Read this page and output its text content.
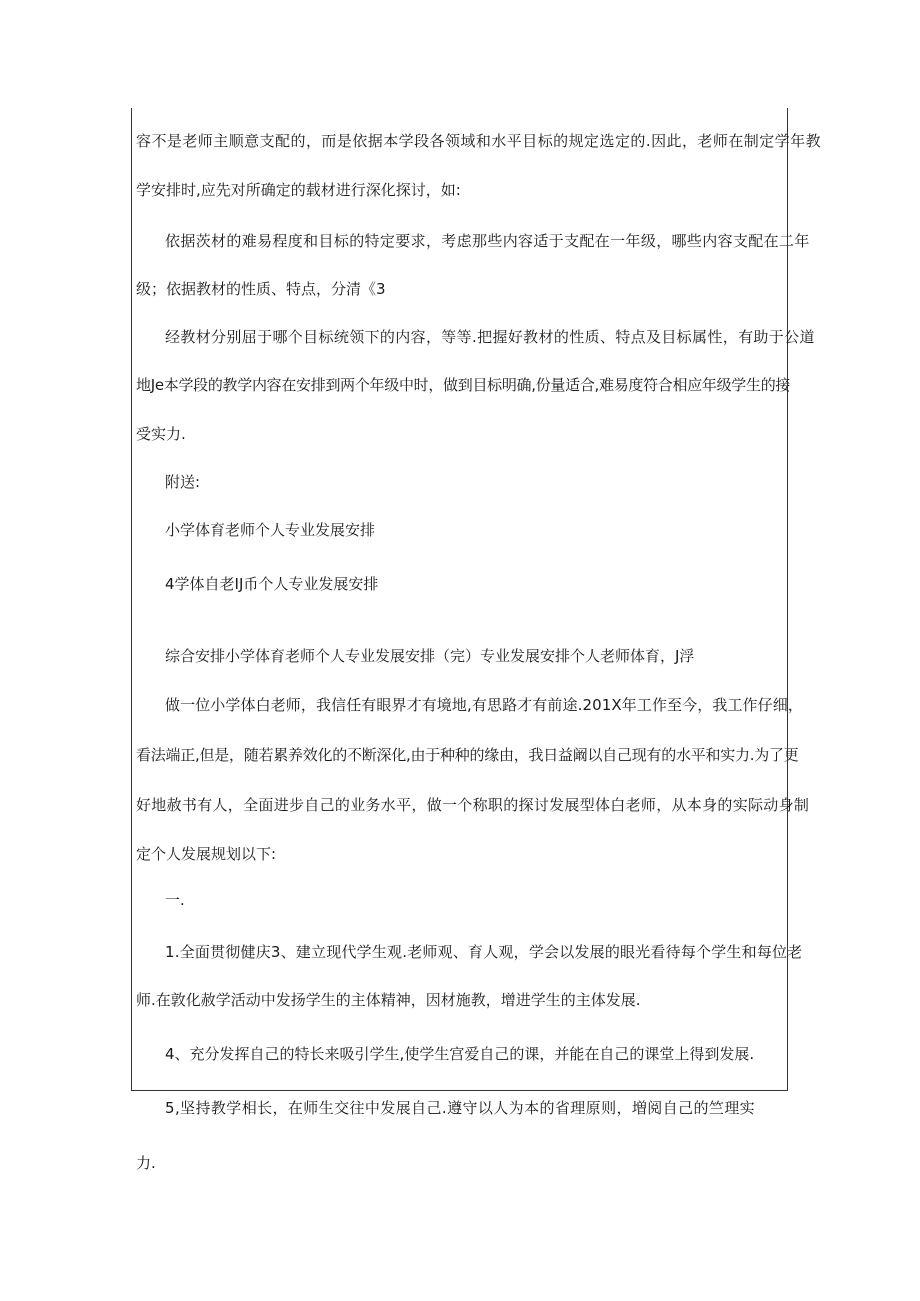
容不是老师主顺意支配的，而是依据本学段各领域和水平目标的规定选定的.因此，老师在制定学年教
学安排时,应先对所确定的载材进行深化探讨，如:
依据茨材的难易程度和目标的特定要求，考虑那些内容适于支配在一年级，哪些内容支配在二年
级；依据教材的性质、特点，分清《3
经教材分别屈于哪个目标统领下的内容，等等.把握好教材的性质、特点及目标属性，有助于公道
地Je本学段的教学内容在安排到两个年级中时，做到目标明确,份量适合,难易度符合相应年级学生的接
受实力.
附送:
小学体育老师个人专业发展安排
4学体自老IJ币个人专业发展安排
综合安排小学体育老师个人专业发展安排（完）专业发展安排个人老师体育，J浮
做一位小学体白老师，我信任有眼界才有境地,有思路才有前途.201X年工作至今，我工作仔细，
看法端正,但是，随若累养效化的不断深化,由于种种的缘由，我日益阚以自己现有的水平和实力.为了更
好地赦书有人，全面进步自己的业务水平，做一个称职的探讨发展型体白老师，从本身的实际动身制
定个人发展规划以下:
一.
1.全面贯彻健庆3、建立现代学生观.老师观、育人观，学会以发展的眼光看待每个学生和每位老
师.在敦化赦学活动中发扬学生的主体精神，因材施教，增进学生的主体发展.
4、充分发挥自己的特长来吸引学生,使学生宫爱自己的课，并能在自己的课堂上得到发展.
5,坚持教学相长，在师生交往中发展自己.遵守以人为本的省理原则，増阅自己的竺理实
力.
